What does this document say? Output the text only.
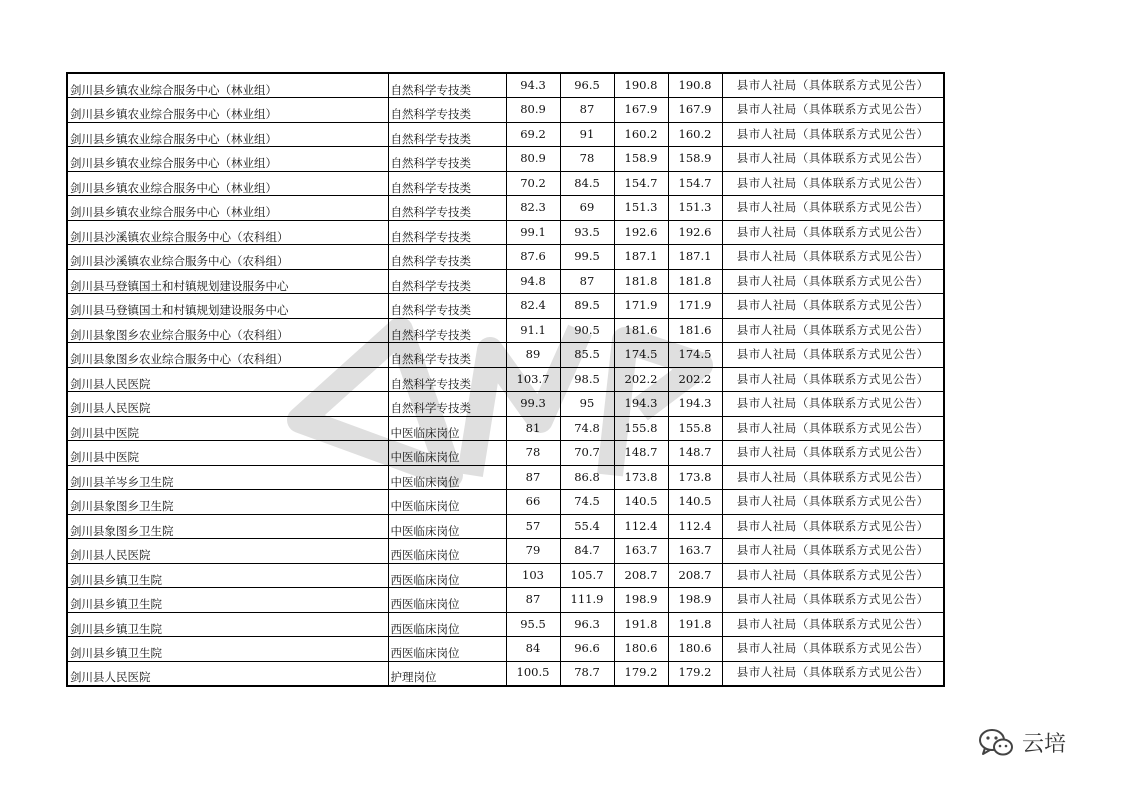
剑川县乡镇农业综合服务中心（林业组）	自然科学专技类	94.3	96.5	190.8	190.8	县市人社局（具体联系方式见公告）
剑川县乡镇农业综合服务中心（林业组）	自然科学专技类	80.9	87	167.9	167.9	县市人社局（具体联系方式见公告）
剑川县乡镇农业综合服务中心（林业组）	自然科学专技类	69.2	91	160.2	160.2	县市人社局（具体联系方式见公告）
剑川县乡镇农业综合服务中心（林业组）	自然科学专技类	80.9	78	158.9	158.9	县市人社局（具体联系方式见公告）
剑川县乡镇农业综合服务中心（林业组）	自然科学专技类	70.2	84.5	154.7	154.7	县市人社局（具体联系方式见公告）
剑川县乡镇农业综合服务中心（林业组）	自然科学专技类	82.3	69	151.3	151.3	县市人社局（具体联系方式见公告）
剑川县沙溪镇农业综合服务中心（农科组）	自然科学专技类	99.1	93.5	192.6	192.6	县市人社局（具体联系方式见公告）
剑川县沙溪镇农业综合服务中心（农科组）	自然科学专技类	87.6	99.5	187.1	187.1	县市人社局（具体联系方式见公告）
剑川县马登镇国土和村镇规划建设服务中心	自然科学专技类	94.8	87	181.8	181.8	县市人社局（具体联系方式见公告）
剑川县马登镇国土和村镇规划建设服务中心	自然科学专技类	82.4	89.5	171.9	171.9	县市人社局（具体联系方式见公告）
剑川县象图乡农业综合服务中心（农科组）	自然科学专技类	91.1	90.5	181.6	181.6	县市人社局（具体联系方式见公告）
剑川县象图乡农业综合服务中心（农科组）	自然科学专技类	89	85.5	174.5	174.5	县市人社局（具体联系方式见公告）
剑川县人民医院	自然科学专技类	103.7	98.5	202.2	202.2	县市人社局（具体联系方式见公告）
剑川县人民医院	自然科学专技类	99.3	95	194.3	194.3	县市人社局（具体联系方式见公告）
剑川县中医院	中医临床岗位	81	74.8	155.8	155.8	县市人社局（具体联系方式见公告）
剑川县中医院	中医临床岗位	78	70.7	148.7	148.7	县市人社局（具体联系方式见公告）
剑川县羊岑乡卫生院	中医临床岗位	87	86.8	173.8	173.8	县市人社局（具体联系方式见公告）
剑川县象图乡卫生院	中医临床岗位	66	74.5	140.5	140.5	县市人社局（具体联系方式见公告）
剑川县象图乡卫生院	中医临床岗位	57	55.4	112.4	112.4	县市人社局（具体联系方式见公告）
剑川县人民医院	西医临床岗位	79	84.7	163.7	163.7	县市人社局（具体联系方式见公告）
剑川县乡镇卫生院	西医临床岗位	103	105.7	208.7	208.7	县市人社局（具体联系方式见公告）
剑川县乡镇卫生院	西医临床岗位	87	111.9	198.9	198.9	县市人社局（具体联系方式见公告）
剑川县乡镇卫生院	西医临床岗位	95.5	96.3	191.8	191.8	县市人社局（具体联系方式见公告）
剑川县乡镇卫生院	西医临床岗位	84	96.6	180.6	180.6	县市人社局（具体联系方式见公告）
剑川县人民医院	护理岗位	100.5	78.7	179.2	179.2	县市人社局（具体联系方式见公告）
云培
